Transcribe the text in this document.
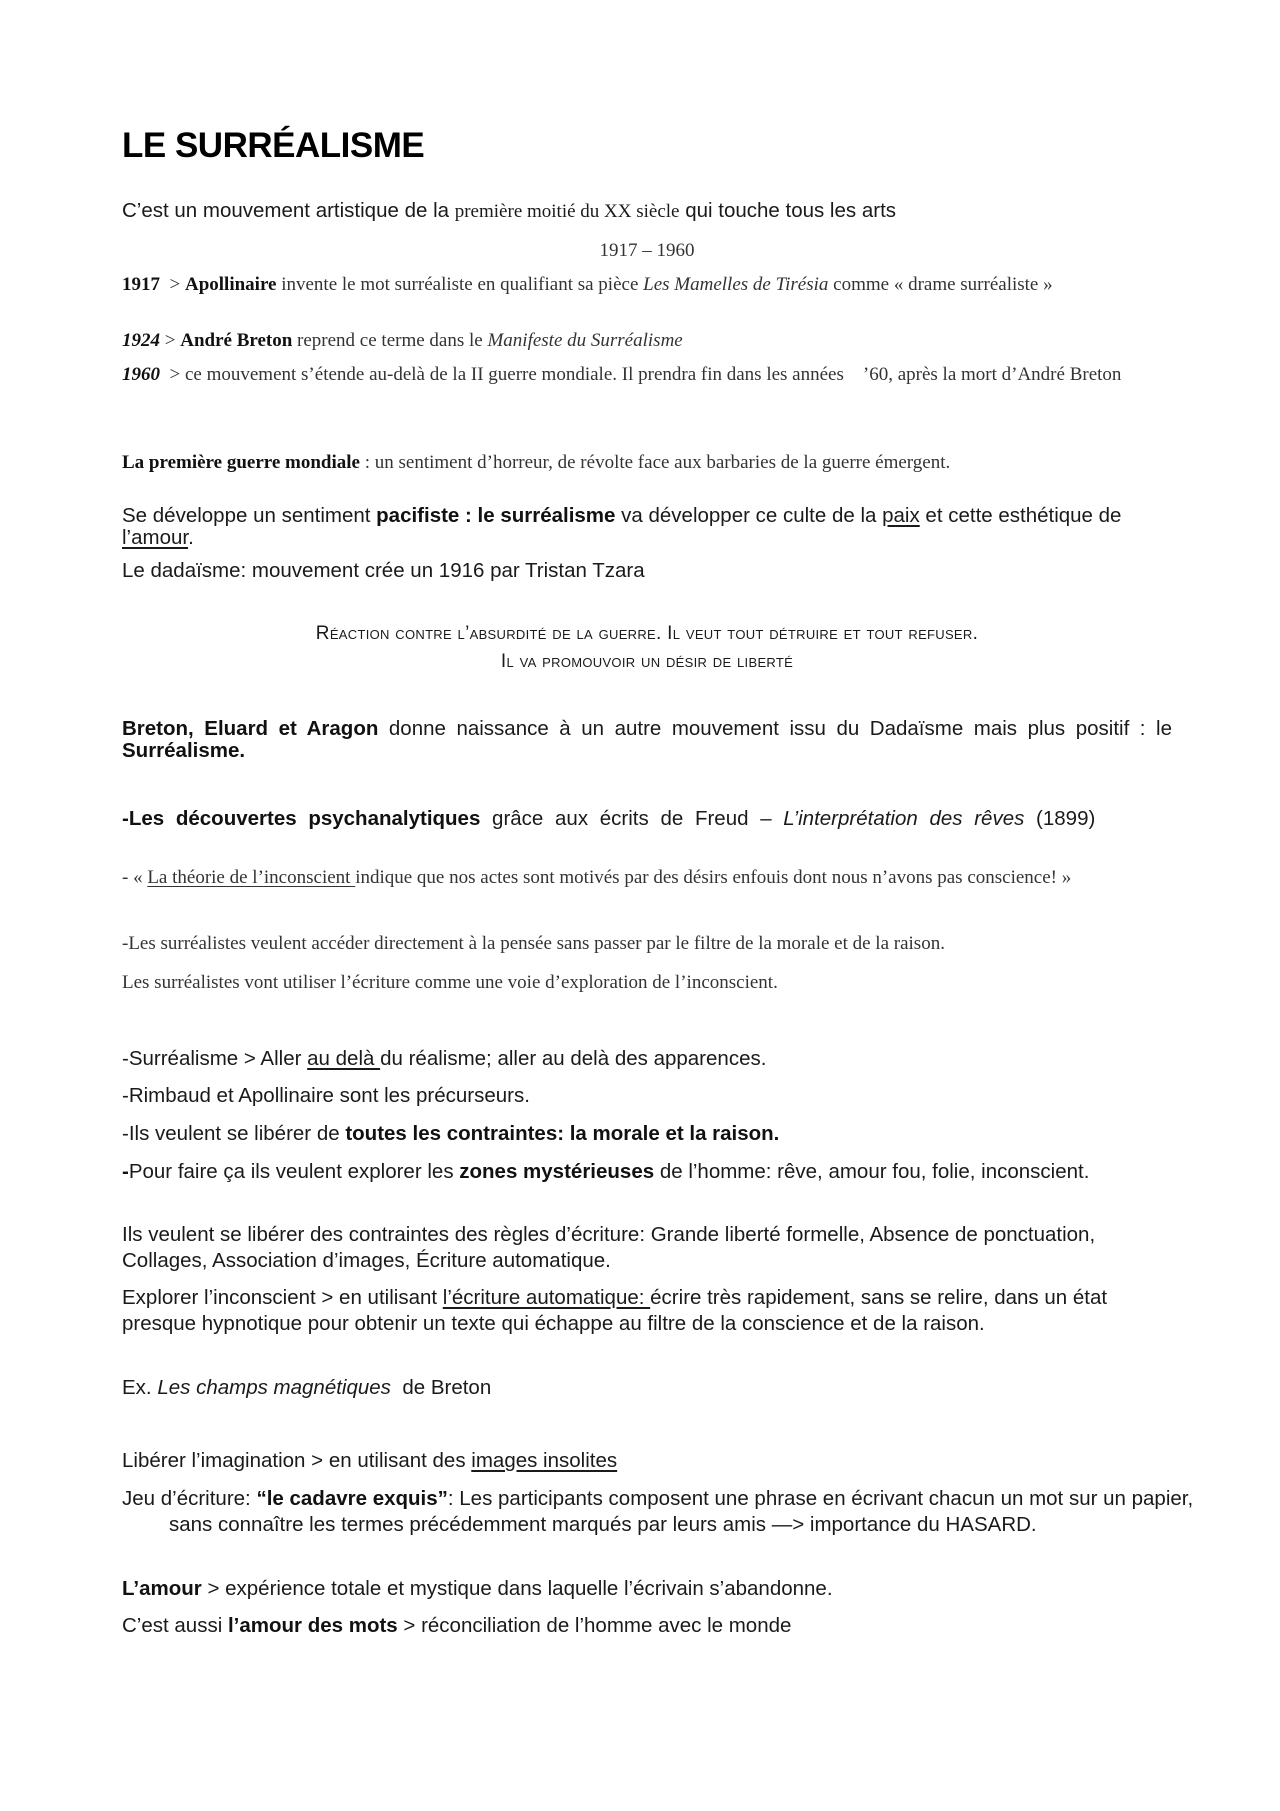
LE SURRÉALISME

C’est un mouvement artistique de la première moitié du XX siècle qui touche tous les arts

1917 – 1960

1917  > Apollinaire invente le mot surréaliste en qualifiant sa pièce Les Mamelles de Tirésia comme « drame surréaliste »

1924 > André Breton reprend ce terme dans le Manifeste du Surréalisme

1960  > ce mouvement s’étende au-delà de la II guerre mondiale. Il prendra fin dans les années    ’60, après la mort d’André Breton

La première guerre mondiale : un sentiment d’horreur, de révolte face aux barbaries de la guerre émergent.

Se développe un sentiment pacifiste : le surréalisme va développer ce culte de la paix et cette esthétique de l’amour.

Le dadaïsme: mouvement crée un 1916 par Tristan Tzara

Réaction contre l’absurdité de la guerre. Il veut tout détruire et tout refuser.

Il va promouvoir un désir de liberté

Breton, Eluard et Aragon donne naissance à un autre mouvement issu du Dadaïsme mais plus positif : le Surréalisme.

-Les découvertes psychanalytiques grâce aux écrits de Freud – L’interprétation des rêves (1899)

- « La théorie de l’inconscient indique que nos actes sont motivés par des désirs enfouis dont nous n’avons pas conscience! »

-Les surréalistes veulent accéder directement à la pensée sans passer par le filtre de la morale et de la raison.

Les surréalistes vont utiliser l’écriture comme une voie d’exploration de l’inconscient.

-Surréalisme > Aller au delà du réalisme; aller au delà des apparences.

-Rimbaud et Apollinaire sont les précurseurs.

-Ils veulent se libérer de toutes les contraintes: la morale et la raison.

-Pour faire ça ils veulent explorer les zones mystérieuses de l’homme: rêve, amour fou, folie, inconscient.

Ils veulent se libérer des contraintes des règles d’écriture: Grande liberté formelle, Absence de ponctuation, Collages, Association d’images, Écriture automatique.

Explorer l’inconscient > en utilisant l’écriture automatique: écrire très rapidement, sans se relire, dans un état presque hypnotique pour obtenir un texte qui échappe au filtre de la conscience et de la raison.

Ex. Les champs magnétiques  de Breton

Libérer l’imagination > en utilisant des images insolites

Jeu d’écriture: “le cadavre exquis”: Les participants composent une phrase en écrivant chacun un mot sur un papier, sans connaître les termes précédemment marqués par leurs amis —> importance du HASARD.

L’amour > expérience totale et mystique dans laquelle l’écrivain s’abandonne.

C’est aussi l’amour des mots > réconciliation de l’homme avec le monde
